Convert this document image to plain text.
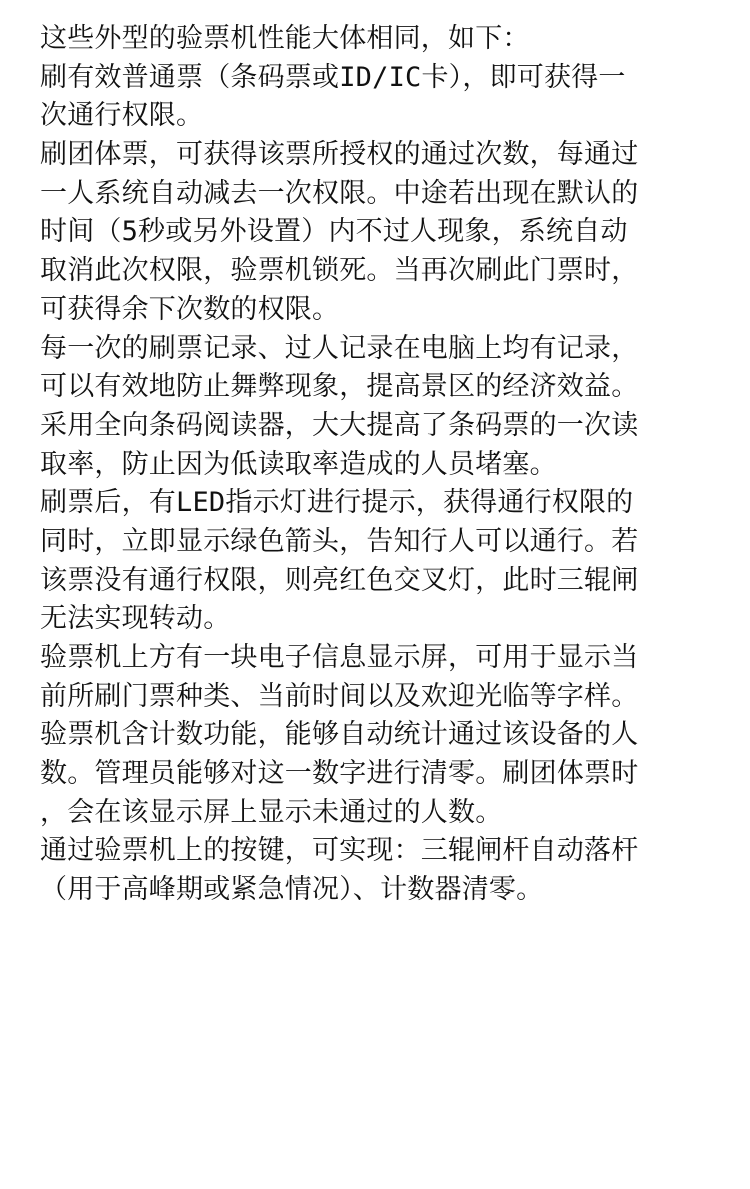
这些外型的验票机性能大体相同，如下：
刷有效普通票（条码票或ID/IC卡），即可获得一
次通行权限。
刷团体票，可获得该票所授权的通过次数，每通过
一人系统自动减去一次权限。中途若出现在默认的
时间（5秒或另外设置）内不过人现象，系统自动
取消此次权限，验票机锁死。当再次刷此门票时，
可获得余下次数的权限。
每一次的刷票记录、过人记录在电脑上均有记录，
可以有效地防止舞弊现象，提高景区的经济效益。
采用全向条码阅读器，大大提高了条码票的一次读
取率，防止因为低读取率造成的人员堵塞。
刷票后，有LED指示灯进行提示，获得通行权限的
同时，立即显示绿色箭头，告知行人可以通行。若
该票没有通行权限，则亮红色交叉灯，此时三辊闸
无法实现转动。
验票机上方有一块电子信息显示屏，可用于显示当
前所刷门票种类、当前时间以及欢迎光临等字样。
验票机含计数功能，能够自动统计通过该设备的人
数。管理员能够对这一数字进行清零。刷团体票时
，会在该显示屏上显示未通过的人数。
通过验票机上的按键，可实现：三辊闸杆自动落杆
（用于高峰期或紧急情况）、计数器清零。
